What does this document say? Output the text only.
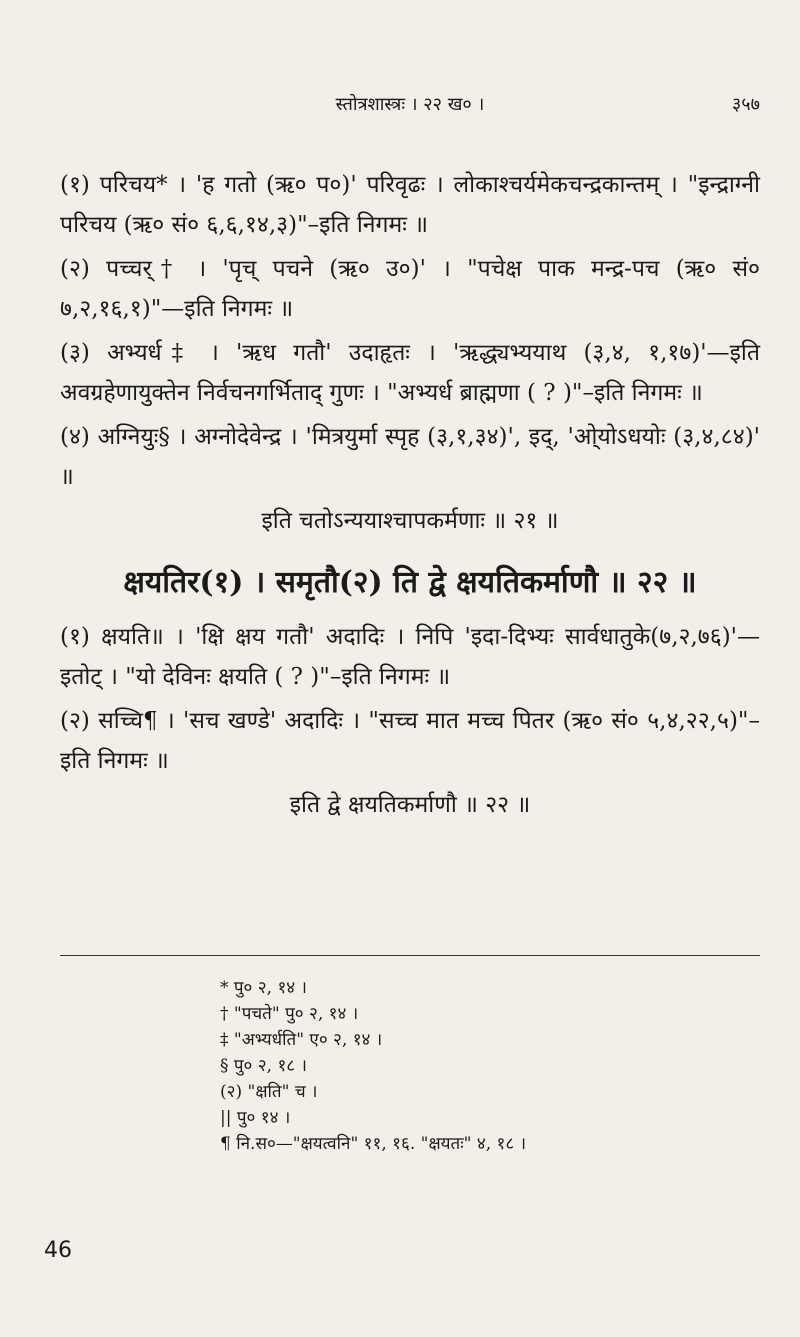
स्तोत्रशास्त्रः । २२ ख० ।	३५७

(१) परिचय* । 'ह गतो (ऋ० प०)' परिवृढः । लोकाश्चर्यमेकचन्द्रकान्तम् । "इन्द्राग्नी परिचय (ऋ० सं० ६,६,१४,३)"–इति निगमः ॥

(२) पच्चर्† । 'पृच् पचने (ऋ० उ०)' । "पचेक्ष पाक मन्द्र-पच (ऋ० सं० ७,२,१६,१)"—इति निगमः ॥

(३) अभ्यर्ध‡ । 'ऋध गतौ' उदाहृतः । 'ऋद्ध्यभ्ययाथ (३,४, १,१७)'—इति अवग्रहेणायुक्तेन निर्वचनगर्भिताद् गुणः । "अभ्यर्ध ब्राह्मणा ( ? )"–इति निगमः ॥

(४) अग्नियुः§ । अग्नोदेवेन्द्र । 'मित्रयुर्मा स्पृह (३,१,३४)', इद्, 'ओ्योऽधयोः (३,४,८४)' ॥

इति चतोऽन्ययाश्चापकर्मणाः ॥ २१ ॥

क्षयतिर(१) । समृतौ(२) ति द्वे क्षयतिकर्माणौ ॥ २२ ॥

(१) क्षयति॥ । 'क्षि क्षय गतौ' अदादिः । निपि 'इदा-दिभ्यः सार्वधातुके(७,२,७६)'—इतोट् । "यो देविनः क्षयति ( ? )"–इति निगमः ॥

(२) सच्चि¶ । 'सच खण्डे' अदादिः । "सच्च मात मच्च पितर (ऋ० सं० ५,४,२२,५)"–इति निगमः ॥

इति द्वे क्षयतिकर्माणौ ॥ २२ ॥

* पु० २, १४ ।
† "पचते" पु० २, १४ ।
‡ "अभ्यर्धति" ए० २, १४ ।
§ पु० २, १८ ।
(२) "क्षति" च ।
|| पु० १४ ।
¶ नि.स०—"क्षयत्वनि" ११, १६. "क्षयतः" ४, १८ ।
46
